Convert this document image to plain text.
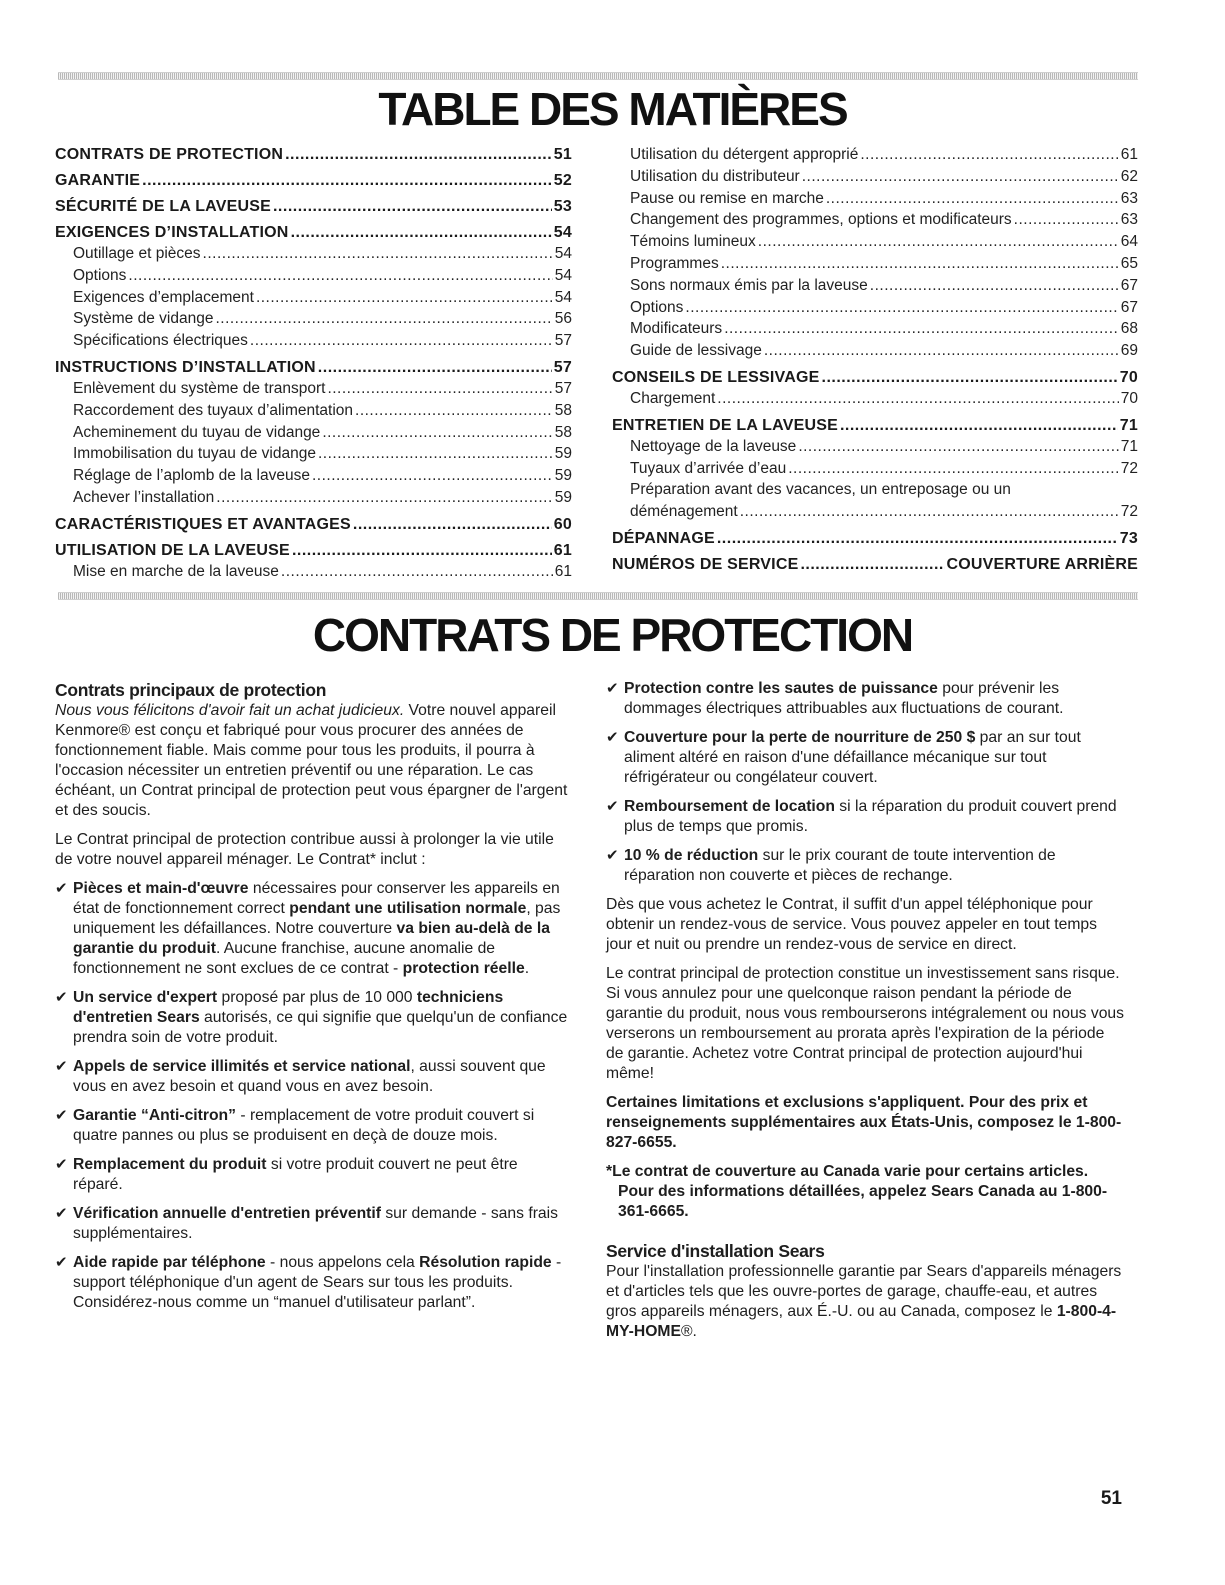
TABLE DES MATIÈRES
CONTRATS DE PROTECTION .....	51
GARANTIE .....	52
SÉCURITÉ DE LA LAVEUSE .....	53
EXIGENCES D’INSTALLATION .....	54
Outillage et pièces .....	54
Options .....	54
Exigences d’emplacement .....	54
Système de vidange .....	56
Spécifications électriques .....	57
INSTRUCTIONS D’INSTALLATION .....	57
Enlèvement du système de transport .....	57
Raccordement des tuyaux d’alimentation .....	58
Acheminement du tuyau de vidange .....	58
Immobilisation du tuyau de vidange .....	59
Réglage de l’aplomb de la laveuse .....	59
Achever l’installation .....	59
CARACTÉRISTIQUES ET AVANTAGES .....	60
UTILISATION DE LA LAVEUSE .....	61
Mise en marche de la laveuse .....	61
Utilisation du détergent approprié .....	61
Utilisation du distributeur .....	62
Pause ou remise en marche .....	63
Changement des programmes, options et modificateurs .....	63
Témoins lumineux .....	64
Programmes .....	65
Sons normaux émis par la laveuse .....	67
Options .....	67
Modificateurs .....	68
Guide de lessivage .....	69
CONSEILS DE LESSIVAGE .....	70
Chargement .....	70
ENTRETIEN DE LA LAVEUSE .....	71
Nettoyage de la laveuse .....	71
Tuyaux d’arrivée d’eau .....	72
Préparation avant des vacances, un entreposage ou un
déménagement .....	72
DÉPANNAGE .....	73
NUMÉROS DE SERVICE .....	COUVERTURE ARRIÈRE
CONTRATS DE PROTECTION
Contrats principaux de protection

Nous vous félicitons d'avoir fait un achat judicieux. Votre nouvel appareil Kenmore® est conçu et fabriqué pour vous procurer des années de fonctionnement fiable. Mais comme pour tous les produits, il pourra à l'occasion nécessiter un entretien préventif ou une réparation. Le cas échéant, un Contrat principal de protection peut vous épargner de l'argent et des soucis.

Le Contrat principal de protection contribue aussi à prolonger la vie utile de votre nouvel appareil ménager. Le Contrat* inclut :

✔ Pièces et main-d'œuvre nécessaires pour conserver les appareils en état de fonctionnement correct pendant une utilisation normale, pas uniquement les défaillances. Notre couverture va bien au-delà de la garantie du produit. Aucune franchise, aucune anomalie de fonctionnement ne sont exclues de ce contrat - protection réelle.
✔ Un service d'expert proposé par plus de 10 000 techniciens d'entretien Sears autorisés, ce qui signifie que quelqu'un de confiance prendra soin de votre produit.
✔ Appels de service illimités et service national, aussi souvent que vous en avez besoin et quand vous en avez besoin.
✔ Garantie “Anti-citron” - remplacement de votre produit couvert si quatre pannes ou plus se produisent en deçà de douze mois.
✔ Remplacement du produit si votre produit couvert ne peut être réparé.
✔ Vérification annuelle d'entretien préventif sur demande - sans frais supplémentaires.
✔ Aide rapide par téléphone - nous appelons cela Résolution rapide - support téléphonique d'un agent de Sears sur tous les produits. Considérez-nous comme un “manuel d'utilisateur parlant”.
✔ Protection contre les sautes de puissance pour prévenir les dommages électriques attribuables aux fluctuations de courant.
✔ Couverture pour la perte de nourriture de 250 $ par an sur tout aliment altéré en raison d'une défaillance mécanique sur tout réfrigérateur ou congélateur couvert.
✔ Remboursement de location si la réparation du produit couvert prend plus de temps que promis.
✔ 10 % de réduction sur le prix courant de toute intervention de réparation non couverte et pièces de rechange.

Dès que vous achetez le Contrat, il suffit d'un appel téléphonique pour obtenir un rendez-vous de service. Vous pouvez appeler en tout temps jour et nuit ou prendre un rendez-vous de service en direct.

Le contrat principal de protection constitue un investissement sans risque. Si vous annulez pour une quelconque raison pendant la période de garantie du produit, nous vous rembourserons intégralement ou nous vous verserons un remboursement au prorata après l'expiration de la période de garantie. Achetez votre Contrat principal de protection aujourd'hui même!

Certaines limitations et exclusions s'appliquent. Pour des prix et renseignements supplémentaires aux États-Unis, composez le 1-800-827-6655.

*Le contrat de couverture au Canada varie pour certains articles. Pour des informations détaillées, appelez Sears Canada au 1-800-361-6665.

Service d'installation Sears

Pour l'installation professionnelle garantie par Sears d'appareils ménagers et d'articles tels que les ouvre-portes de garage, chauffe-eau, et autres gros appareils ménagers, aux É.-U. ou au Canada, composez le 1-800-4-MY-HOME®.

51
